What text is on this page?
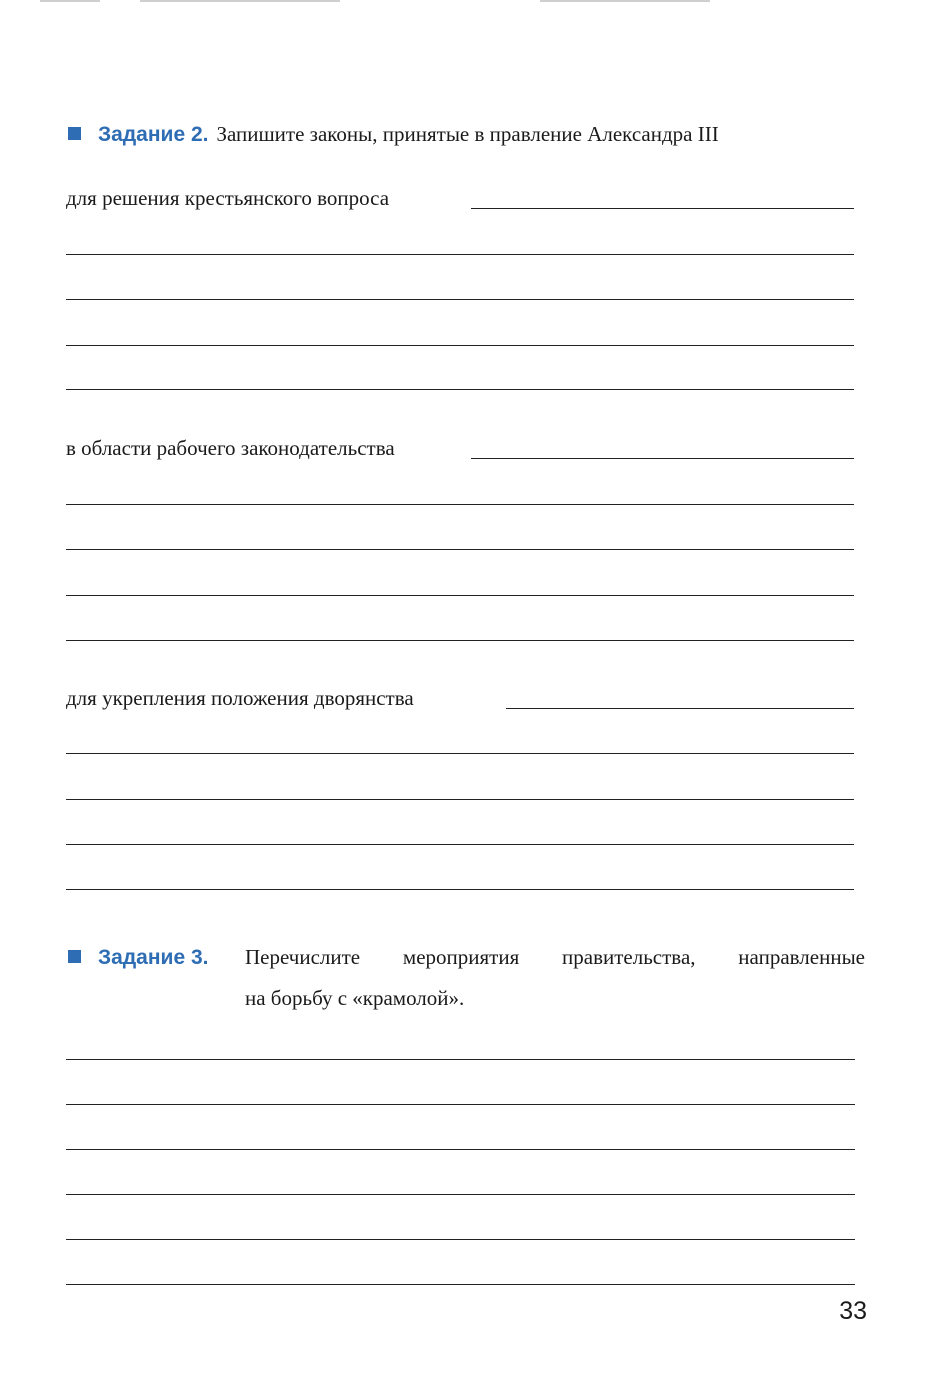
Задание 2. Запишите законы, принятые в правление Александра III
для решения крестьянского вопроса
в области рабочего законодательства
для укрепления положения дворянства
Задание 3.	Перечислите мероприятия правительства, направленные
на борьбу с «крамолой».
33
